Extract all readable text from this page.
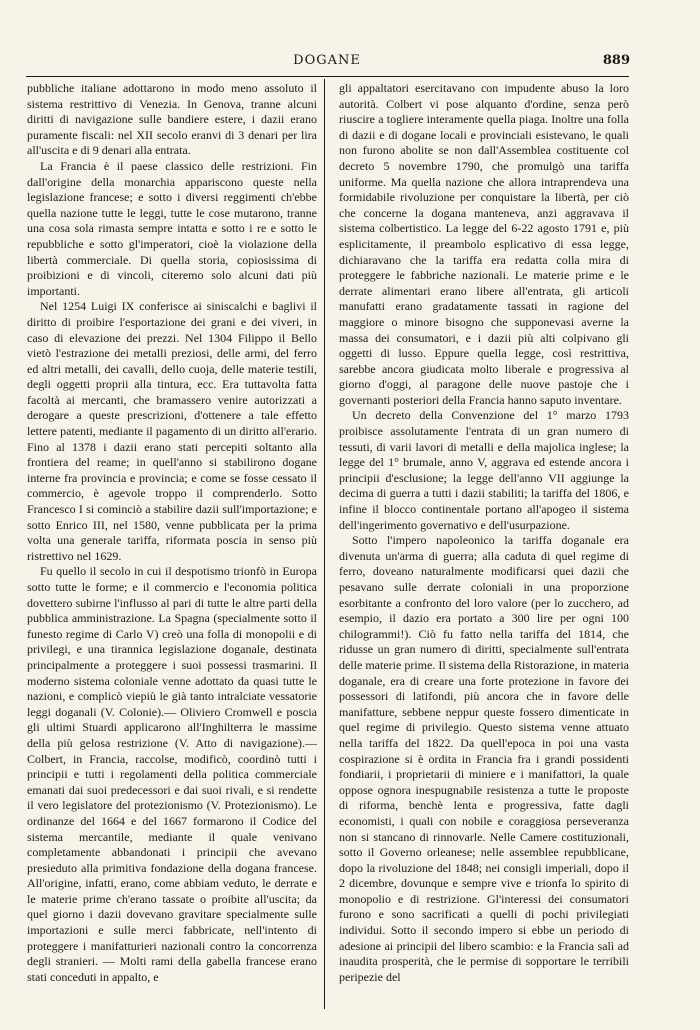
DOGANE	889

pubbliche italiane adottarono in modo meno assoluto il sistema restrittivo di Venezia. In Genova, tranne alcuni diritti di navigazione sulle bandiere estere, i dazii erano puramente fiscali: nel XII secolo eranvi di 3 denari per lira all'uscita e di 9 denari alla entrata.

La Francia è il paese classico delle restrizioni. Fin dall'origine della monarchia appariscono queste nella legislazione francese; e sotto i diversi reggimenti ch'ebbe quella nazione tutte le leggi, tutte le cose mutarono, tranne una cosa sola rimasta sempre intatta e sotto i re e sotto le repubbliche e sotto gl'imperatori, cioè la violazione della libertà commerciale. Di quella storia, copiosissima di proibizioni e di vincoli, citeremo solo alcuni dati più importanti.

Nel 1254 Luigi IX conferisce ai siniscalchi e baglivi il diritto di proibire l'esportazione dei grani e dei viveri, in caso di elevazione dei prezzi. Nel 1304 Filippo il Bello vietò l'estrazione dei metalli preziosi, delle armi, del ferro ed altri metalli, dei cavalli, dello cuoja, delle materie testili, degli oggetti proprii alla tintura, ecc. Era tuttavolta fatta facoltà ai mercanti, che bramassero venire autorizzati a derogare a queste prescrizioni, d'ottenere a tale effetto lettere patenti, mediante il pagamento di un diritto all'erario. Fino al 1378 i dazii erano stati percepiti soltanto alla frontiera del reame; in quell'anno si stabilirono dogane interne fra provincia e provincia; e come se fosse cessato il commercio, è agevole troppo il comprenderlo. Sotto Francesco I si cominciò a stabilire dazii sull'importazione; e sotto Enrico III, nel 1580, venne pubblicata per la prima volta una generale tariffa, riformata poscia in senso più ristrettivo nel 1629.

Fu quello il secolo in cui il despotismo trionfò in Europa sotto tutte le forme; e il commercio e l'economia politica dovettero subirne l'influsso al pari di tutte le altre parti della pubblica amministrazione. La Spagna (specialmente sotto il funesto regime di Carlo V) creò una folla di monopolii e di privilegi, e una tirannica legislazione doganale, destinata principalmente a proteggere i suoi possessi trasmarini. Il moderno sistema coloniale venne adottato da quasi tutte le nazioni, e complicò viepiù le già tanto intralciate vessatorie leggi doganali (V. Colonie).— Oliviero Cromwell e poscia gli ultimi Stuardi applicarono all'Inghilterra le massime della più gelosa restrizione (V. Atto di navigazione).— Colbert, in Francia, raccolse, modificò, coordinò tutti i principii e tutti i regolamenti della politica commerciale emanati dai suoi predecessori e dai suoi rivali, e si rendette il vero legislatore del protezionismo (V. Protezionismo). Le ordinanze del 1664 e del 1667 formarono il Codice del sistema mercantile, mediante il quale venivano completamente abbandonati i principii che avevano presieduto alla primitiva fondazione della dogana francese. All'origine, infatti, erano, come abbiam veduto, le derrate e le materie prime ch'erano tassate o proibite all'uscita; da quel giorno i dazii dovevano gravitare specialmente sulle importazioni e sulle merci fabbricate, nell'intento di proteggere i manifatturieri nazionali contro la concorrenza degli stranieri. — Molti rami della gabella francese erano stati conceduti in appalto, e

gli appaltatori esercitavano con impudente abuso la loro autorità. Colbert vi pose alquanto d'ordine, senza però riuscire a togliere interamente quella piaga. Inoltre una folla di dazii e di dogane locali e provinciali esistevano, le quali non furono abolite se non dall'Assemblea costituente col decreto 5 novembre 1790, che promulgò una tariffa uniforme. Ma quella nazione che allora intraprendeva una formidabile rivoluzione per conquistare la libertà, per ciò che concerne la dogana manteneva, anzi aggravava il sistema colbertistico. La legge del 6-22 agosto 1791 e, più esplicitamente, il preambolo esplicativo di essa legge, dichiaravano che la tariffa era redatta colla mira di proteggere le fabbriche nazionali. Le materie prime e le derrate alimentari erano libere all'entrata, gli articoli manufatti erano gradatamente tassati in ragione del maggiore o minore bisogno che supponevasi averne la massa dei consumatori, e i dazii più alti colpivano gli oggetti di lusso. Eppure quella legge, così restrittiva, sarebbe ancora giudicata molto liberale e progressiva al giorno d'oggi, al paragone delle nuove pastoje che i governanti posteriori della Francia hanno saputo inventare.

Un decreto della Convenzione del 1° marzo 1793 proibisce assolutamente l'entrata di un gran numero di tessuti, di varii lavori di metalli e della majolica inglese; la legge del 1° brumale, anno V, aggrava ed estende ancora i principii d'esclusione; la legge dell'anno VII aggiunge la decima di guerra a tutti i dazii stabiliti; la tariffa del 1806, e infine il blocco continentale portano all'apogeo il sistema dell'ingerimento governativo e dell'usurpazione.

Sotto l'impero napoleonico la tariffa doganale era divenuta un'arma di guerra; alla caduta di quel regime di ferro, doveano naturalmente modificarsi quei dazii che pesavano sulle derrate coloniali in una proporzione esorbitante a confronto del loro valore (per lo zucchero, ad esempio, il dazio era portato a 300 lire per ogni 100 chilogrammi!). Ciò fu fatto nella tariffa del 1814, che ridusse un gran numero di diritti, specialmente sull'entrata delle materie prime. Il sistema della Ristorazione, in materia doganale, era di creare una forte protezione in favore dei possessori di latifondi, più ancora che in favore delle manifatture, sebbene neppur queste fossero dimenticate in quel regime di privilegio. Questo sistema venne attuato nella tariffa del 1822. Da quell'epoca in poi una vasta cospirazione si è ordita in Francia fra i grandi possidenti fondiarii, i proprietarii di miniere e i manifattori, la quale oppose ognora inespugnabile resistenza a tutte le proposte di riforma, benchè lenta e progressiva, fatte dagli economisti, i quali con nobile e coraggiosa perseveranza non si stancano di rinnovarle. Nelle Camere costituzionali, sotto il Governo orleanese; nelle assemblee repubblicane, dopo la rivoluzione del 1848; nei consigli imperiali, dopo il 2 dicembre, dovunque e sempre vive e trionfa lo spirito di monopolio e di restrizione. Gl'interessi dei consumatori furono e sono sacrificati a quelli di pochi privilegiati individui. Sotto il secondo impero si ebbe un periodo di adesione ai principii del libero scambio: e la Francia salì ad inaudita prosperità, che le permise di sopportare le terribili peripezie del
